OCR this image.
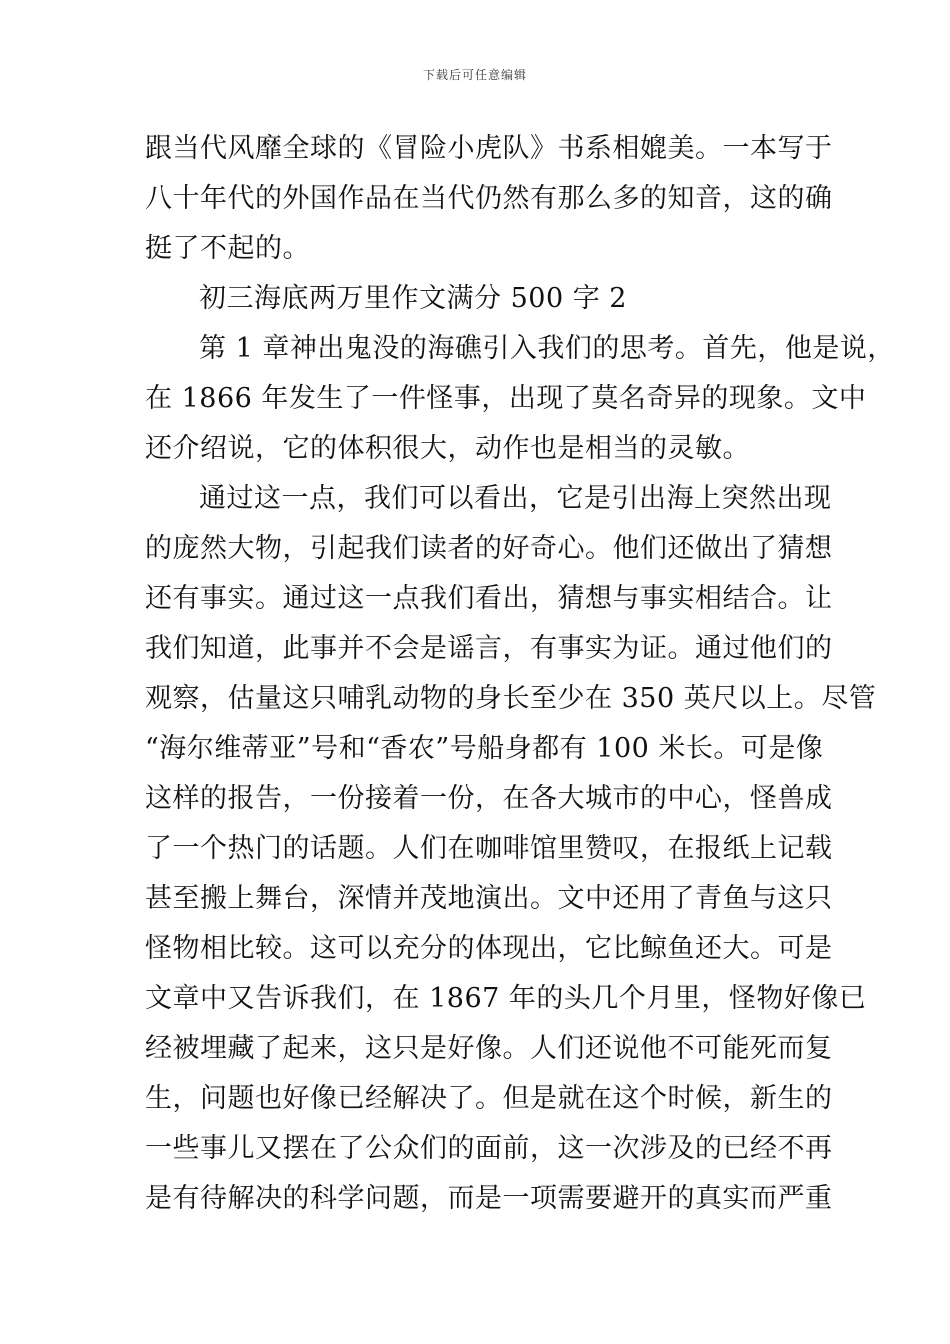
下载后可任意编辑
跟当代风靡全球的《冒险小虎队》书系相媲美。一本写于
八十年代的外国作品在当代仍然有那么多的知音，这的确
挺了不起的。
初三海底两万里作文满分 500 字 2
第 1 章神出鬼没的海礁引入我们的思考。首先，他是说，
在 1866 年发生了一件怪事，出现了莫名奇异的现象。文中
还介绍说，它的体积很大，动作也是相当的灵敏。
通过这一点，我们可以看出，它是引出海上突然出现
的庞然大物，引起我们读者的好奇心。他们还做出了猜想
还有事实。通过这一点我们看出，猜想与事实相结合。让
我们知道，此事并不会是谣言，有事实为证。通过他们的
观察，估量这只哺乳动物的身长至少在 350 英尺以上。尽管
“海尔维蒂亚”号和“香农”号船身都有 100 米长。可是像
这样的报告，一份接着一份，在各大城市的中心，怪兽成
了一个热门的话题。人们在咖啡馆里赞叹，在报纸上记载
甚至搬上舞台，深情并茂地演出。文中还用了青鱼与这只
怪物相比较。这可以充分的体现出，它比鲸鱼还大。可是
文章中又告诉我们，在 1867 年的头几个月里，怪物好像已
经被埋藏了起来，这只是好像。人们还说他不可能死而复
生，问题也好像已经解决了。但是就在这个时候，新生的
一些事儿又摆在了公众们的面前，这一次涉及的已经不再
是有待解决的科学问题，而是一项需要避开的真实而严重
